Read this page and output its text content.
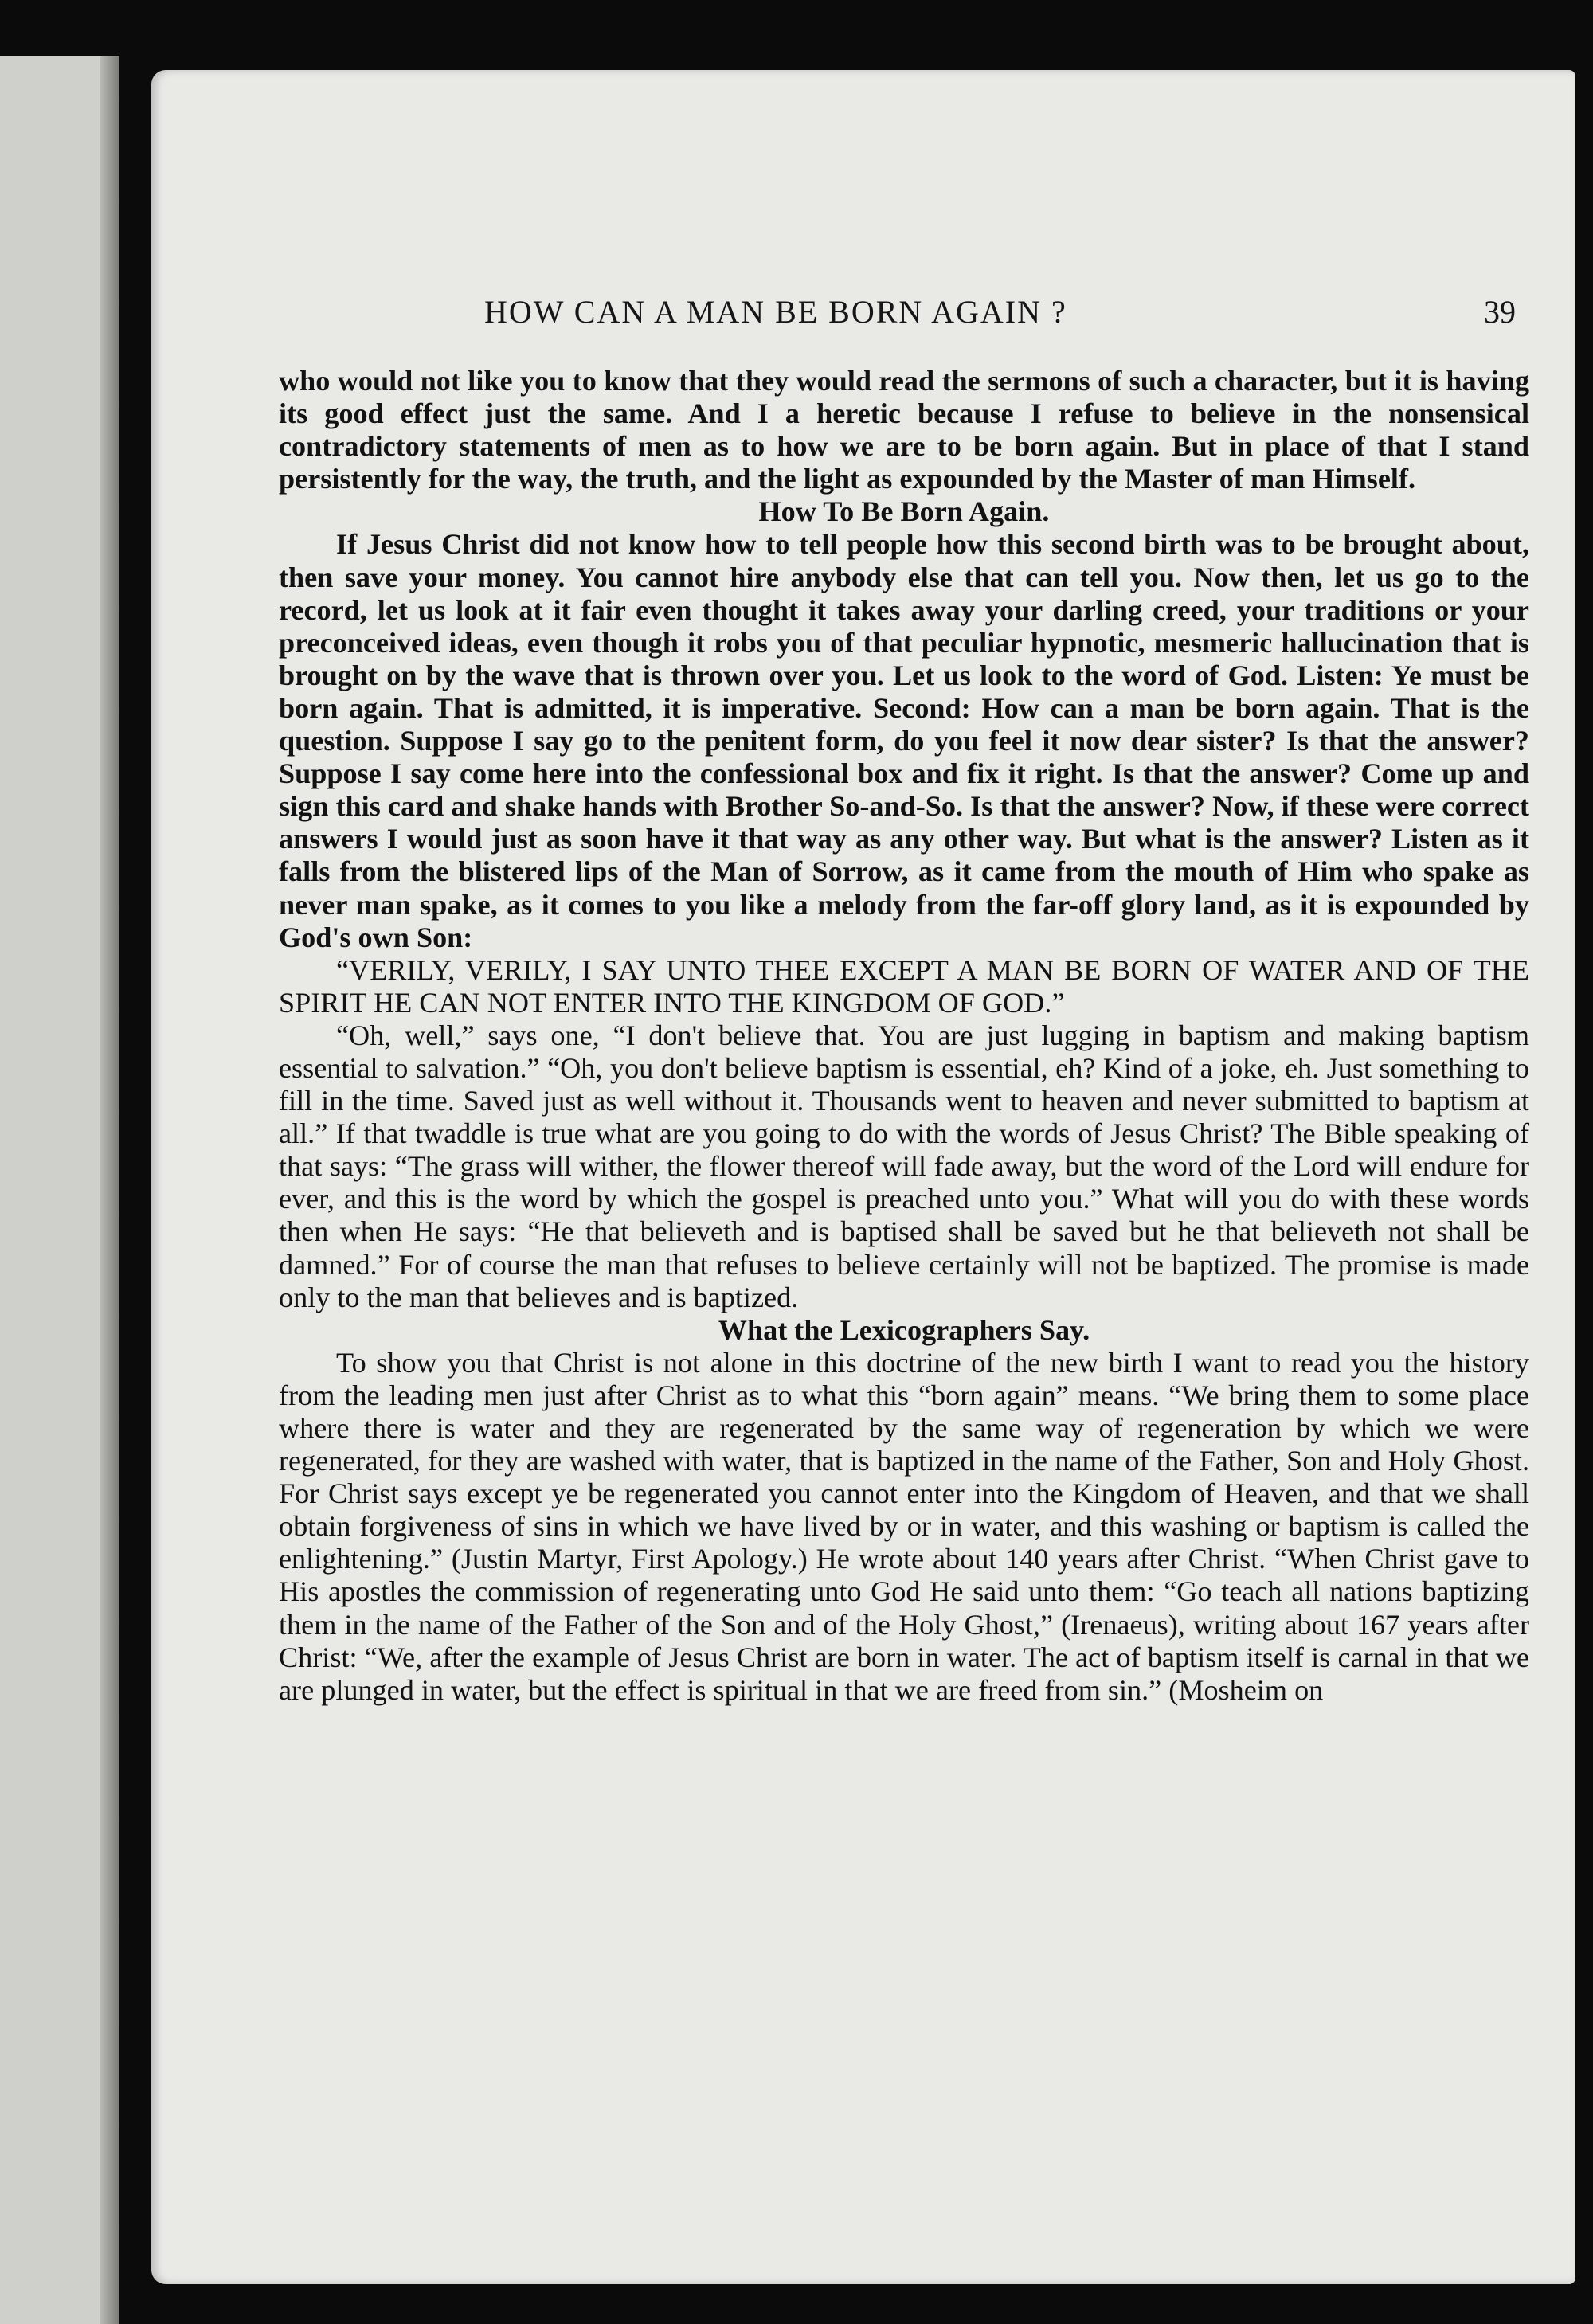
HOW CAN A MAN BE BORN AGAIN ?	39

who would not like you to know that they would read the sermons of such a character, but it is having its good effect just the same. And I a heretic because I refuse to believe in the nonsensical contradictory statements of men as to how we are to be born again. But in place of that I stand persistently for the way, the truth, and the light as expounded by the Master of man Himself.

How To Be Born Again.

If Jesus Christ did not know how to tell people how this second birth was to be brought about, then save your money. You cannot hire anybody else that can tell you. Now then, let us go to the record, let us look at it fair even thought it takes away your darling creed, your traditions or your preconceived ideas, even though it robs you of that peculiar hypnotic, mesmeric hallucination that is brought on by the wave that is thrown over you. Let us look to the word of God. Listen: Ye must be born again. That is admitted, it is imperative. Second: How can a man be born again. That is the question. Suppose I say go to the penitent form, do you feel it now dear sister? Is that the answer? Suppose I say come here into the confessional box and fix it right. Is that the answer? Come up and sign this card and shake hands with Brother So-and-So. Is that the answer? Now, if these were correct answers I would just as soon have it that way as any other way. But what is the answer? Listen as it falls from the blistered lips of the Man of Sorrow, as it came from the mouth of Him who spake as never man spake, as it comes to you like a melody from the far-off glory land, as it is expounded by God's own Son:

“VERILY, VERILY, I SAY UNTO THEE EXCEPT A MAN BE BORN OF WATER AND OF THE SPIRIT HE CAN NOT ENTER INTO THE KINGDOM OF GOD.”

“Oh, well,” says one, “I don't believe that. You are just lugging in baptism and making baptism essential to salvation.” “Oh, you don't believe baptism is essential, eh? Kind of a joke, eh. Just something to fill in the time. Saved just as well without it. Thousands went to heaven and never submitted to baptism at all.” If that twaddle is true what are you going to do with the words of Jesus Christ? The Bible speaking of that says: “The grass will wither, the flower thereof will fade away, but the word of the Lord will endure for ever, and this is the word by which the gospel is preached unto you.” What will you do with these words then when He says: “He that believeth and is baptised shall be saved but he that believeth not shall be damned.” For of course the man that refuses to believe certainly will not be baptized. The promise is made only to the man that believes and is baptized.

What the Lexicographers Say.

To show you that Christ is not alone in this doctrine of the new birth I want to read you the history from the leading men just after Christ as to what this “born again” means. “We bring them to some place where there is water and they are regenerated by the same way of regeneration by which we were regenerated, for they are washed with water, that is baptized in the name of the Father, Son and Holy Ghost. For Christ says except ye be regenerated you cannot enter into the Kingdom of Heaven, and that we shall obtain forgiveness of sins in which we have lived by or in water, and this washing or baptism is called the enlightening.” (Justin Martyr, First Apology.) He wrote about 140 years after Christ. “When Christ gave to His apostles the commission of regenerating unto God He said unto them: “Go teach all nations baptizing them in the name of the Father of the Son and of the Holy Ghost,” (Irenaeus), writing about 167 years after Christ: “We, after the example of Jesus Christ are born in water. The act of baptism itself is carnal in that we are plunged in water, but the effect is spiritual in that we are freed from sin.” (Mosheim on
